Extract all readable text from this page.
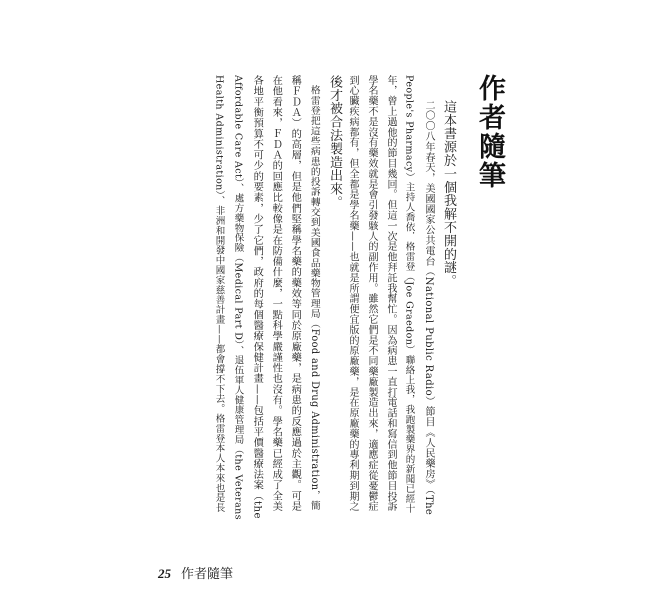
作者隨筆
這本書源於一個我解不開的謎。
二〇〇八年春天，美國國家公共電台（National Public Radio）節目《人民藥房》（The
People's Pharmacy）主持人喬依．格雷登（Joe Graedon）聯絡上我，我跑製藥界的新聞已經十
年，曾上過他的節目幾回。但這一次是他拜託我幫忙。因為病患一直打電話和寫信到他節目投訴
學名藥不是沒有藥效就是會引發駭人的副作用。雖然它們是不同藥廠製造出來，適應症從憂鬱症
到心臟疾病都有，但全都是學名藥——也就是所謂便宜版的原廠藥，是在原廠藥的專利期到期之
後才被合法製造出來。
　格雷登把這些病患的投訴轉交到美國食品藥物管理局（Food and Drug Administration，簡
稱ＦＤＡ）的高層，但是他們堅稱學名藥的藥效等同於原廠藥，是病患的反應過於主觀。可是
在他看來，ＦＤＡ的回應比較像是在防備什麼，一點科學嚴謹性也沒有。學名藥已經成了全美
各地平衡預算不可少的要素，少了它們，政府的每個醫療保健計畫——包括平價醫療法案（the
Affordable Care Act）、處方藥物保險（Medical Part D）、退伍軍人健康管理局（the Veterans
Health Administration）、非洲和開發中國家慈善計畫——都會撐不下去。格雷登本人本來也是長
25 作者隨筆
